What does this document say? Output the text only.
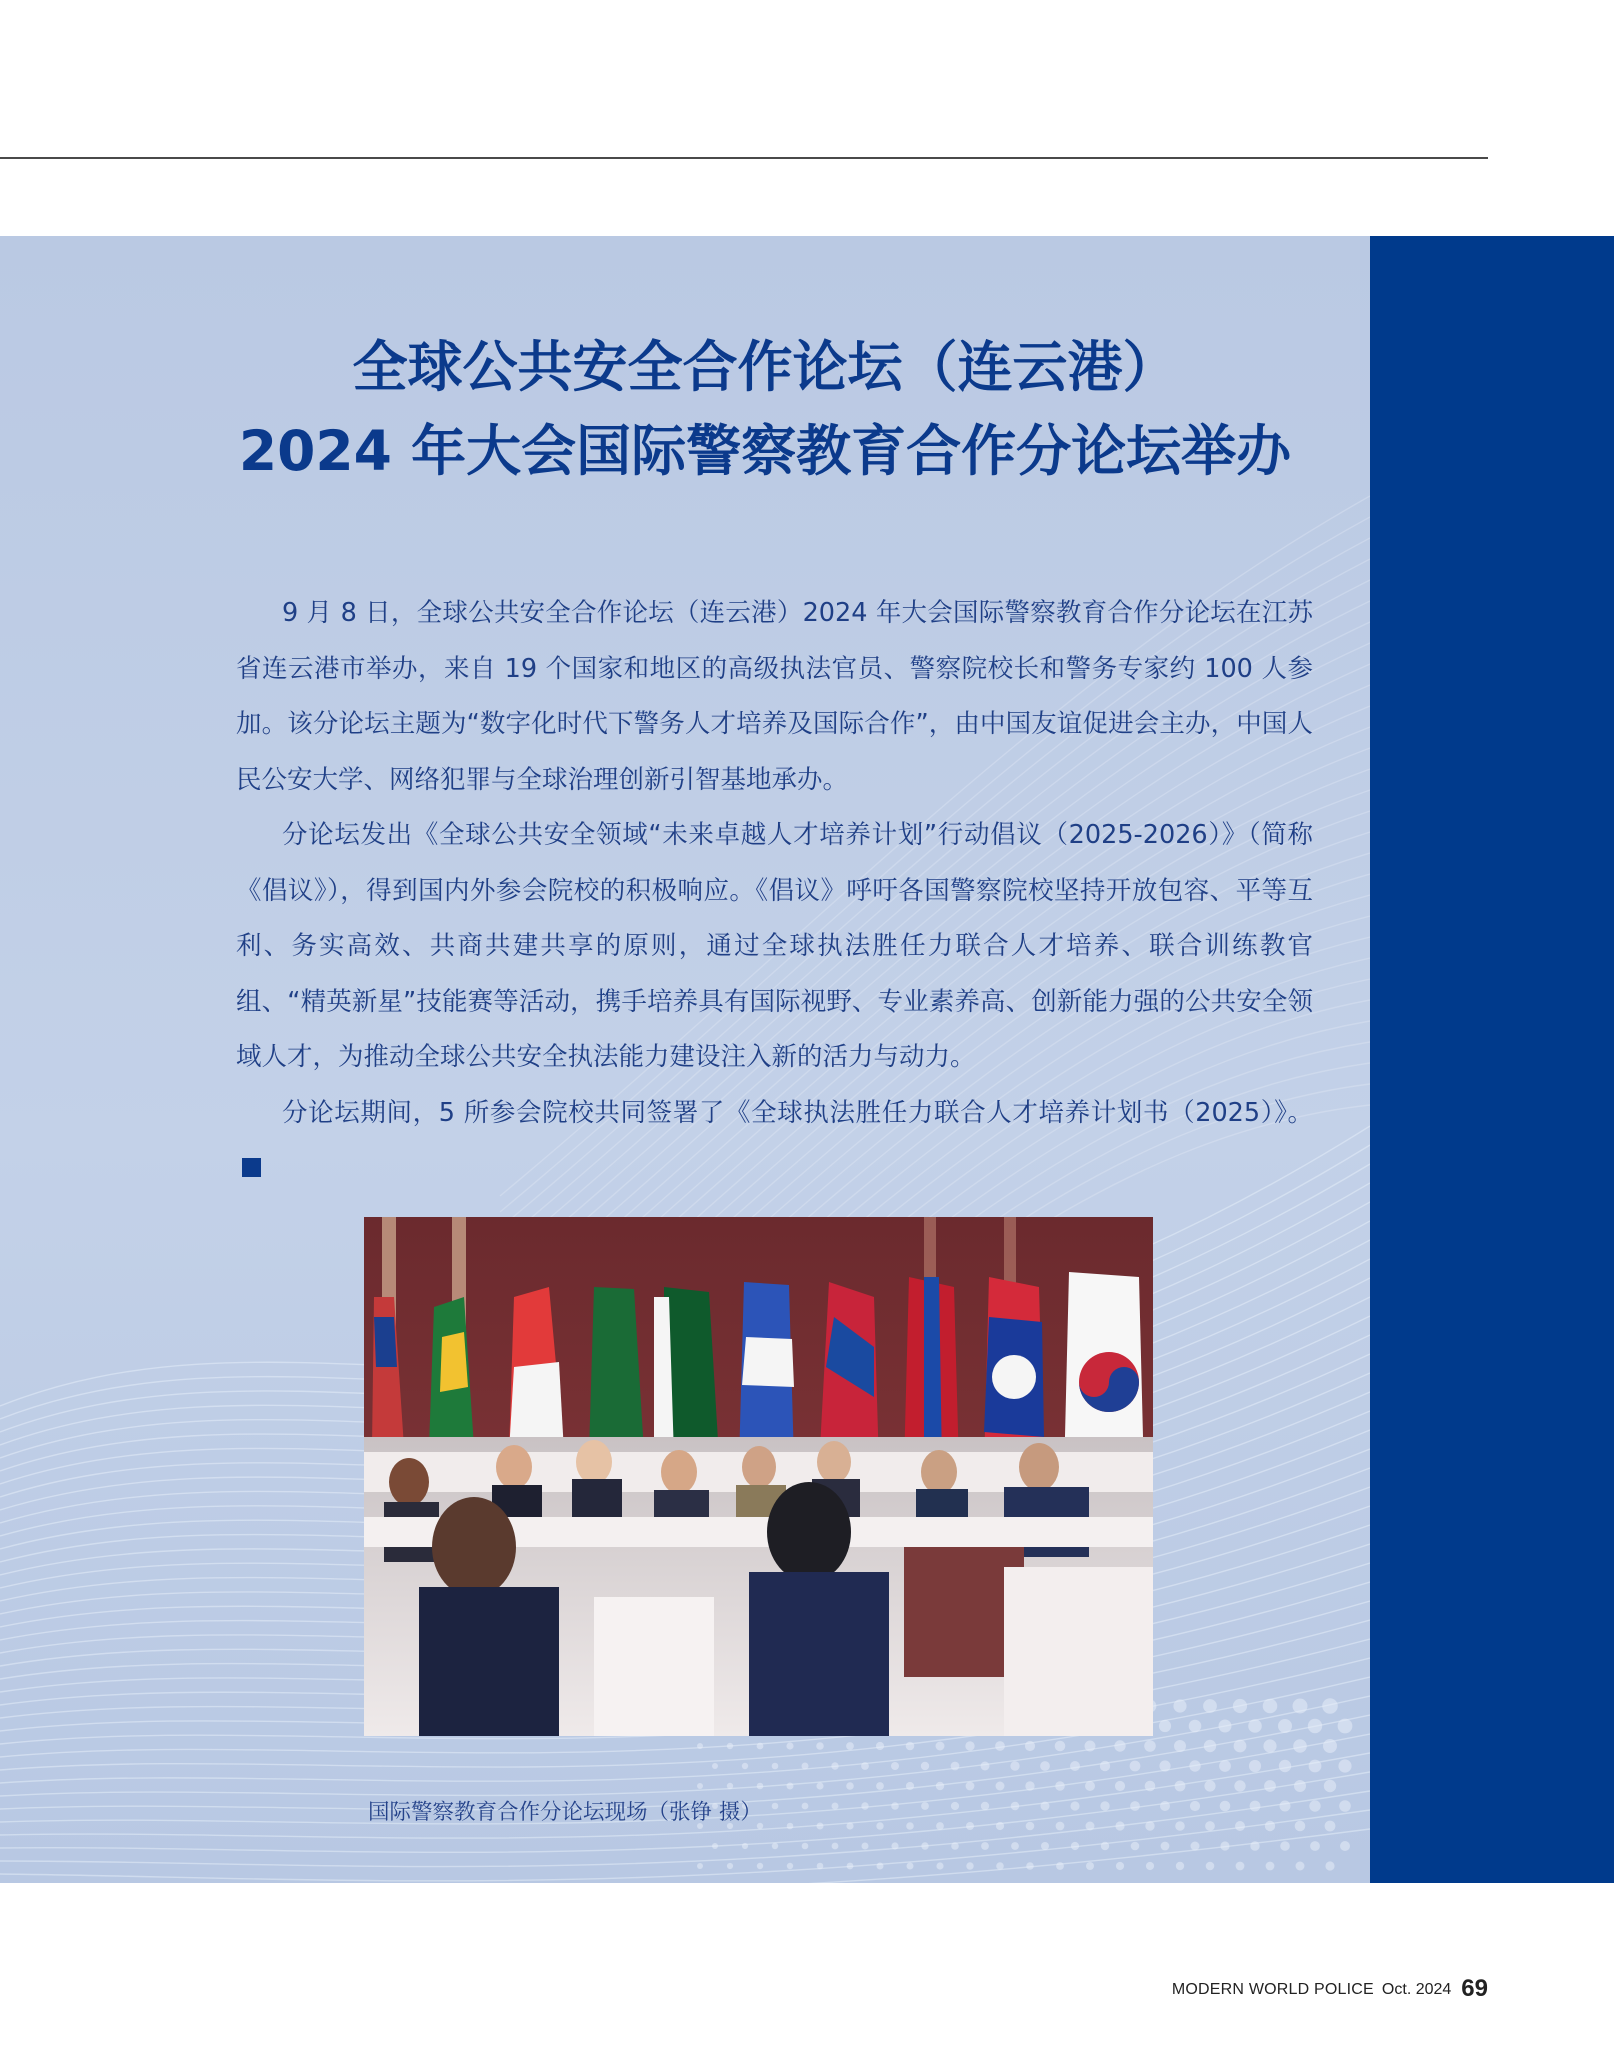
全球公共安全合作论坛（连云港）
2024 年大会国际警察教育合作分论坛举办

9 月 8 日，全球公共安全合作论坛（连云港）2024 年大会国际警察教育合作分论坛在江苏省连云港市举办，来自 19 个国家和地区的高级执法官员、警察院校长和警务专家约 100 人参加。该分论坛主题为“数字化时代下警务人才培养及国际合作”，由中国友谊促进会主办，中国人民公安大学、网络犯罪与全球治理创新引智基地承办。

分论坛发出《全球公共安全领域“未来卓越人才培养计划”行动倡议（2025-2026）》（简称《倡议》），得到国内外参会院校的积极响应。《倡议》呼吁各国警察院校坚持开放包容、平等互利、务实高效、共商共建共享的原则，通过全球执法胜任力联合人才培养、联合训练教官组、“精英新星”技能赛等活动，携手培养具有国际视野、专业素养高、创新能力强的公共安全领域人才，为推动全球公共安全执法能力建设注入新的活力与动力。

分论坛期间，5 所参会院校共同签署了《全球执法胜任力联合人才培养计划书（2025）》。

国际警察教育合作分论坛现场（张铮 摄）
MODERN WORLD POLICE Oct. 2024 69
